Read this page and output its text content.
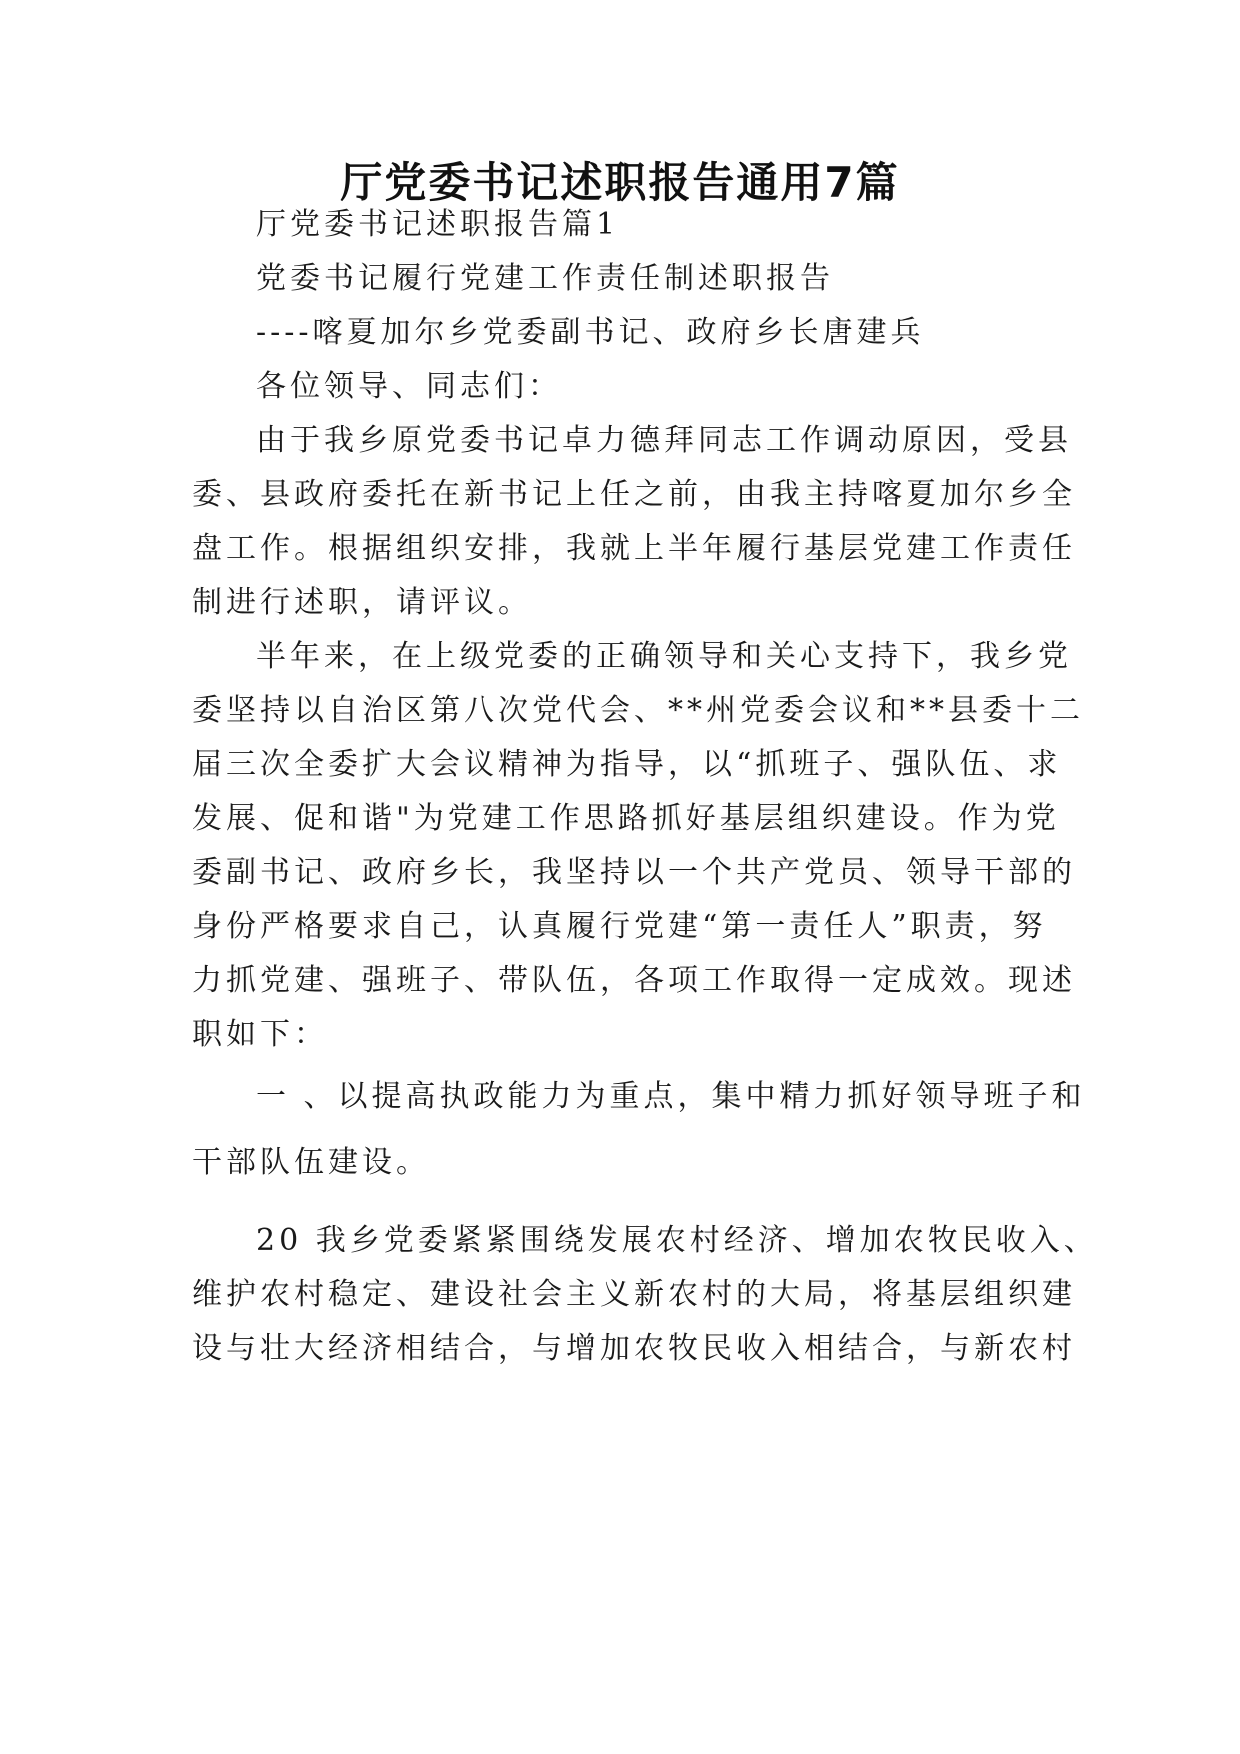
厅党委书记述职报告通用7篇

厅党委书记述职报告篇1

党委书记履行党建工作责任制述职报告

----喀夏加尔乡党委副书记、政府乡长唐建兵

各位领导、同志们：

由于我乡原党委书记卓力德拜同志工作调动原因，受县

委、县政府委托在新书记上任之前，由我主持喀夏加尔乡全

盘工作。根据组织安排，我就上半年履行基层党建工作责任

制进行述职，请评议。

半年来，在上级党委的正确领导和关心支持下，我乡党

委坚持以自治区第八次党代会、**州党委会议和**县委十二

届三次全委扩大会议精神为指导，以“抓班子、强队伍、求

发展、促和谐"为党建工作思路抓好基层组织建设。作为党

委副书记、政府乡长，我坚持以一个共产党员、领导干部的

身份严格要求自己，认真履行党建“第一责任人”职责，努

力抓党建、强班子、带队伍，各项工作取得一定成效。现述

职如下：

一 、以提高执政能力为重点，集中精力抓好领导班子和

干部队伍建设。

20 我乡党委紧紧围绕发展农村经济、增加农牧民收入、

维护农村稳定、建设社会主义新农村的大局，将基层组织建

设与壮大经济相结合，与增加农牧民收入相结合，与新农村
